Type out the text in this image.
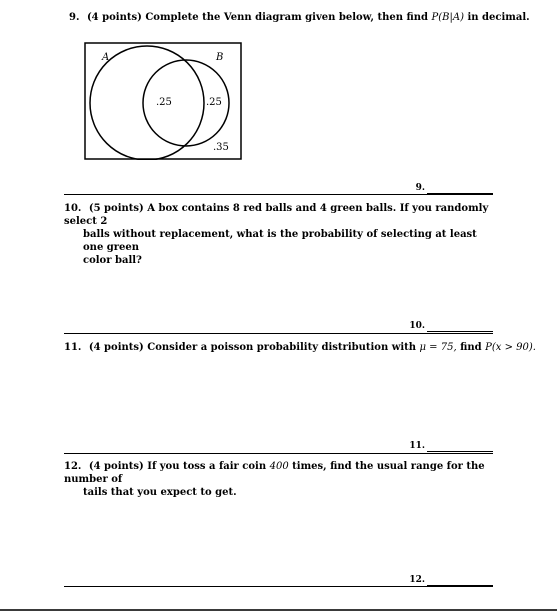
9. (4 points) Complete the Venn diagram given below, then find P(B|A) in decimal.
A	B
.25	.25
.35
9.
10. (5 points) A box contains 8 red balls and 4 green balls. If you randomly select 2
balls without replacement, what is the probability of selecting at least one green
color ball?
10.
11. (4 points) Consider a poisson probability distribution with μ = 75, find P(x > 90).
11.
12. (4 points) If you toss a fair coin 400 times, find the usual range for the number of
tails that you expect to get.
12.
